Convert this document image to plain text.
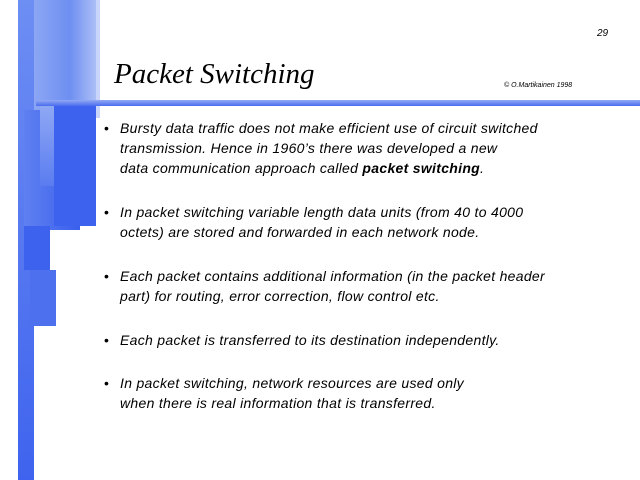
29
Packet Switching	© O.Martikainen 1998
• Bursty data traffic does not make efficient use of circuit switched
transmission. Hence in 1960’s there was developed a new
data communication approach called packet switching.
• In packet switching variable length data units (from 40 to 4000
octets) are stored and forwarded in each network node.
• Each packet contains additional information (in the packet header
part) for routing, error correction, flow control etc.
• Each packet is transferred to its destination independently.
• In packet switching, network resources are used only
when there is real information that is transferred.
